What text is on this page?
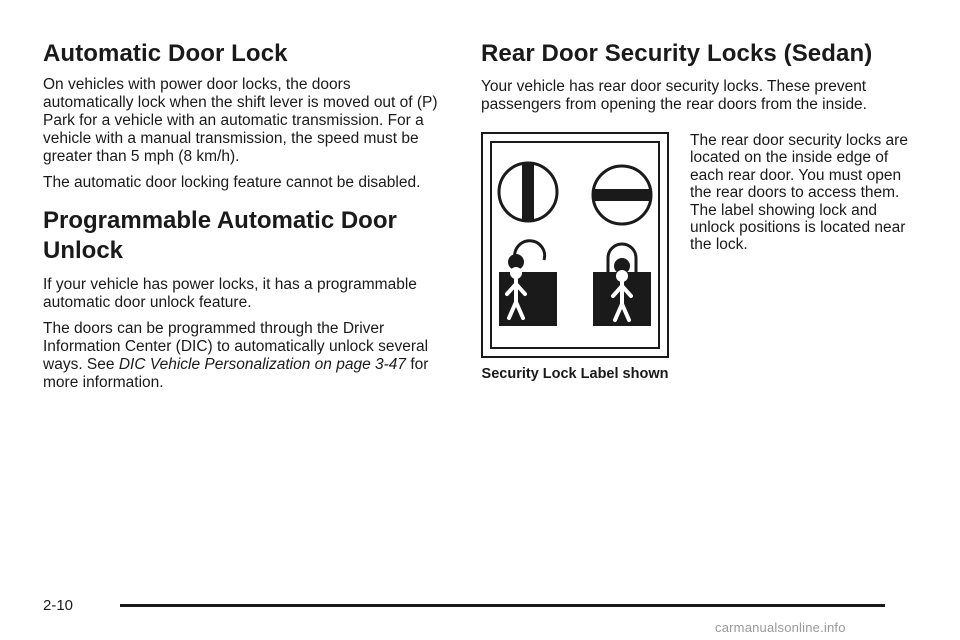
Automatic Door Lock

On vehicles with power door locks, the doors automatically lock when the shift lever is moved out of (P) Park for a vehicle with an automatic transmission. For a vehicle with a manual transmission, the speed must be greater than 5 mph (8 km/h).

The automatic door locking feature cannot be disabled.

Programmable Automatic Door Unlock

If your vehicle has power locks, it has a programmable automatic door unlock feature.

The doors can be programmed through the Driver Information Center (DIC) to automatically unlock several ways. See DIC Vehicle Personalization on page 3-47 for more information.

Rear Door Security Locks (Sedan)

Your vehicle has rear door security locks. These prevent passengers from opening the rear doors from the inside.

Security Lock Label shown
The rear door security locks are located on the inside edge of each rear door. You must open the rear doors to access them. The label showing lock and unlock positions is located near the lock.
2-10
carmanualsonline.info
